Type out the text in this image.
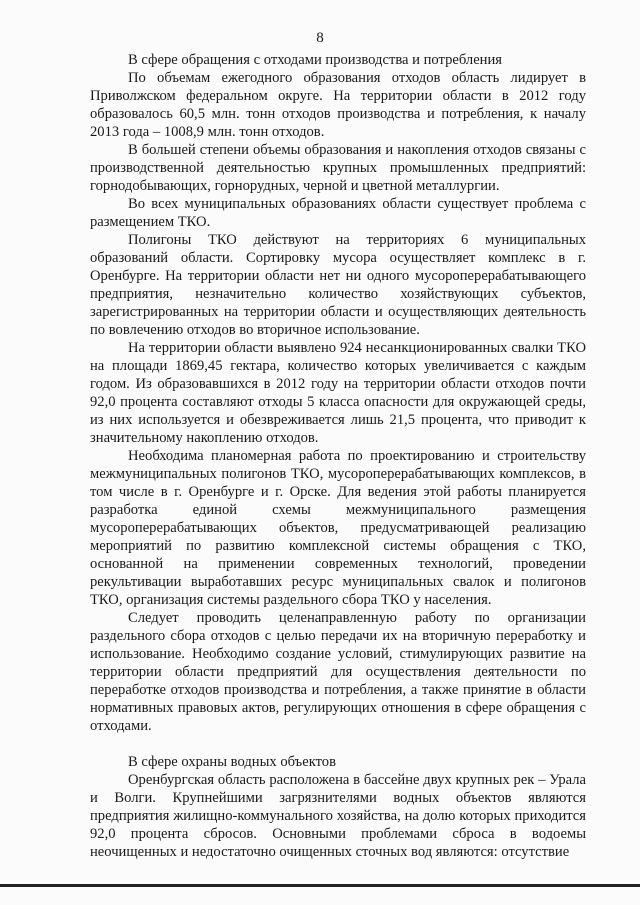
8

В сфере обращения с отходами производства и потребления

По объемам ежегодного образования отходов область лидирует в Приволжском федеральном округе. На территории области в 2012 году образовалось 60,5 млн. тонн отходов производства и потребления, к началу 2013 года – 1008,9 млн. тонн отходов.

В большей степени объемы образования и накопления отходов связаны с производственной деятельностью крупных промышленных предприятий: горнодобывающих, горнорудных, черной и цветной металлургии.

Во всех муниципальных образованиях области существует проблема с размещением ТКО.

Полигоны ТКО действуют на территориях 6 муниципальных образований области. Сортировку мусора осуществляет комплекс в г. Оренбурге. На территории области нет ни одного мусороперерабатывающего предприятия, незначительно количество хозяйствующих субъектов, зарегистрированных на территории области и осуществляющих деятельность по вовлечению отходов во вторичное использование.

На территории области выявлено 924 несанкционированных свалки ТКО на площади 1869,45 гектара, количество которых увеличивается с каждым годом. Из образовавшихся в 2012 году на территории области отходов почти 92,0 процента составляют отходы 5 класса опасности для окружающей среды, из них используется и обезвреживается лишь 21,5 процента, что приводит к значительному накоплению отходов.

Необходима планомерная работа по проектированию и строительству межмуниципальных полигонов ТКО, мусороперерабатывающих комплексов, в том числе в г. Оренбурге и г. Орске. Для ведения этой работы планируется разработка единой схемы межмуниципального размещения мусороперерабатывающих объектов, предусматривающей реализацию мероприятий по развитию комплексной системы обращения с ТКО, основанной на применении современных технологий, проведении рекультивации выработавших ресурс муниципальных свалок и полигонов ТКО, организация системы раздельного сбора ТКО у населения.

Следует проводить целенаправленную работу по организации раздельного сбора отходов с целью передачи их на вторичную переработку и использование. Необходимо создание условий, стимулирующих развитие на территории области предприятий для осуществления деятельности по переработке отходов производства и потребления, а также принятие в области нормативных правовых актов, регулирующих отношения в сфере обращения с отходами.

В сфере охраны водных объектов

Оренбургская область расположена в бассейне двух крупных рек – Урала и Волги. Крупнейшими загрязнителями водных объектов являются предприятия жилищно-коммунального хозяйства, на долю которых приходится 92,0 процента сбросов. Основными проблемами сброса в водоемы неочищенных и недостаточно очищенных сточных вод являются: отсутствие
